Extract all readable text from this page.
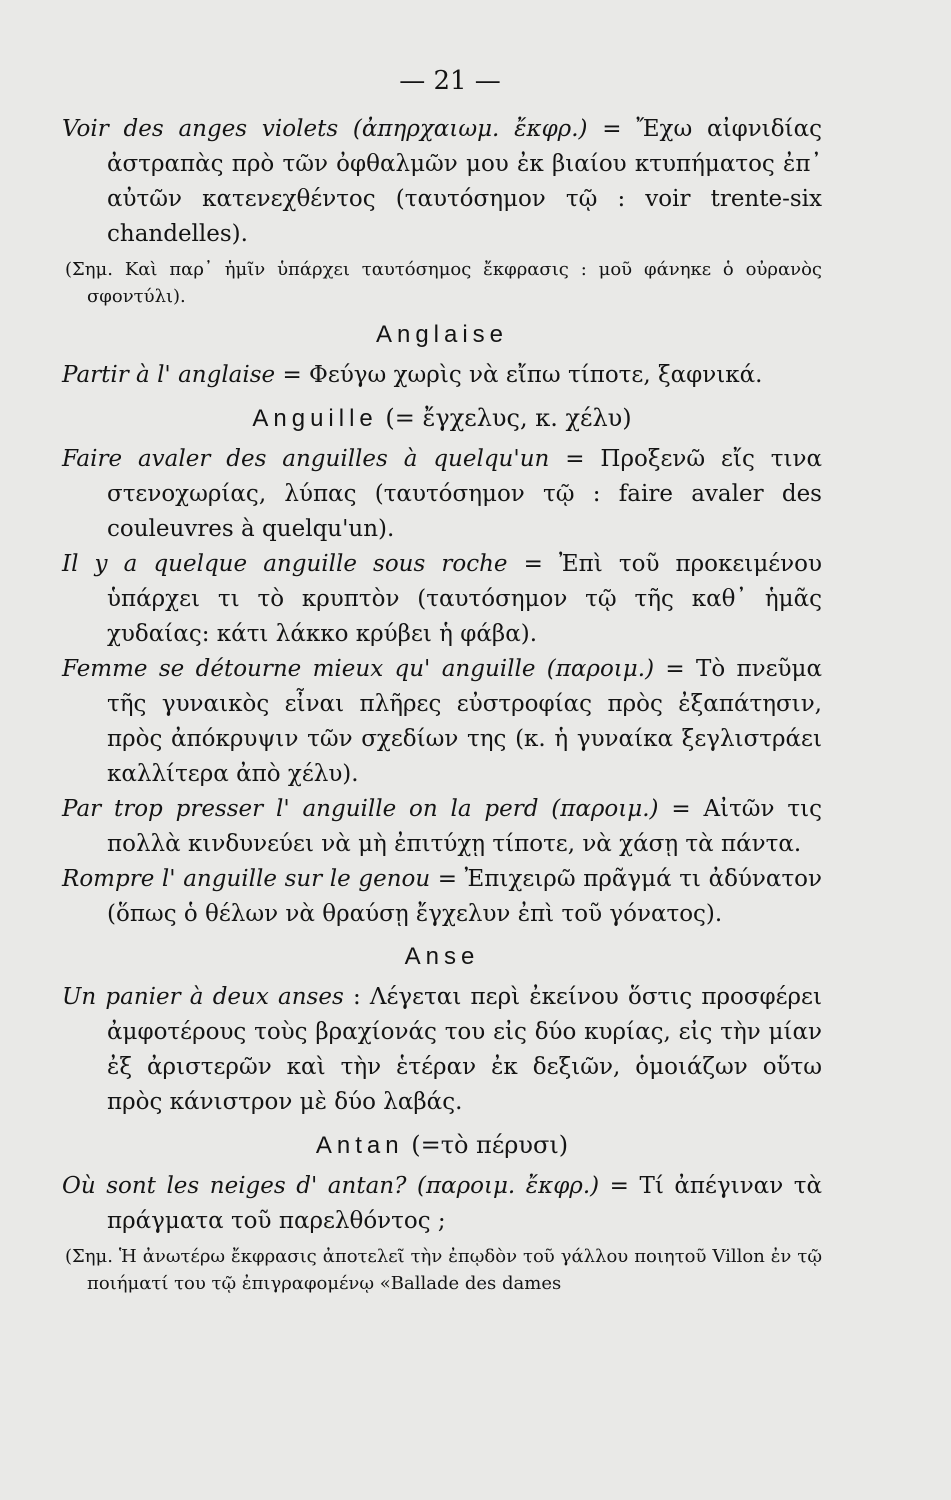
— 21 —

Voir des anges violets (ἀπηρχαιωμ. ἔκφρ.) = Ἔχω αἰφνιδίας ἀστραπὰς πρὸ τῶν ὀφθαλμῶν μου ἐκ βιαίου κτυπήματος ἐπ᾽ αὐτῶν κατενεχθέντος (ταυτόσημον τῷ : voir trente-six chandelles).

(Σημ. Καὶ παρ᾽ ἡμῖν ὑπάρχει ταυτόσημος ἔκφρασις : μοῦ φάνηκε ὁ οὐρανὸς σφοντύλι).

Anglaise

Partir à l' anglaise = Φεύγω χωρὶς νὰ εἴπω τίποτε, ξαφνικά.

Anguille (= ἔγχελυς, κ. χέλυ)

Faire avaler des anguilles à quelqu'un = Προξενῶ εἴς τινα στενοχωρίας, λύπας (ταυτόσημον τῷ : faire avaler des couleuvres à quelqu'un).

Il y a quelque anguille sous roche = Ἐπὶ τοῦ προκειμένου ὑπάρχει τι τὸ κρυπτὸν (ταυτόσημον τῷ τῆς καθ᾽ ἡμᾶς χυδαίας: κάτι λάκκο κρύβει ἡ φάβα).

Femme se détourne mieux qu' anguille (παροιμ.) = Τὸ πνεῦμα τῆς γυναικὸς εἶναι πλῆρες εὐστροφίας πρὸς ἐξαπάτησιν, πρὸς ἀπόκρυψιν τῶν σχεδίων της (κ. ἡ γυναίκα ξεγλιστράει καλλίτερα ἀπὸ χέλυ).

Par trop presser l' anguille on la perd (παροιμ.) = Αἰτῶν τις πολλὰ κινδυνεύει νὰ μὴ ἐπιτύχῃ τίποτε, νὰ χάσῃ τὰ πάντα.

Rompre l' anguille sur le genou = Ἐπιχειρῶ πρᾶγμά τι ἀδύνατον (ὅπως ὁ θέλων νὰ θραύσῃ ἔγχελυν ἐπὶ τοῦ γόνατος).

Anse

Un panier à deux anses : Λέγεται περὶ ἐκείνου ὅστις προσφέρει ἀμφοτέρους τοὺς βραχίονάς του εἰς δύο κυρίας, εἰς τὴν μίαν ἐξ ἀριστερῶν καὶ τὴν ἑτέραν ἐκ δεξιῶν, ὁμοιάζων οὕτω πρὸς κάνιστρον μὲ δύο λαβάς.

Antan (=τὸ πέρυσι)

Où sont les neiges d' antan? (παροιμ. ἔκφρ.) = Τί ἀπέγιναν τὰ πράγματα τοῦ παρελθόντος ;

(Σημ. Ἡ ἀνωτέρω ἔκφρασις ἀποτελεῖ τὴν ἐπῳδὸν τοῦ γάλλου ποιητοῦ Villon ἐν τῷ ποιήματί του τῷ ἐπιγραφομένῳ «Ballade des dames
